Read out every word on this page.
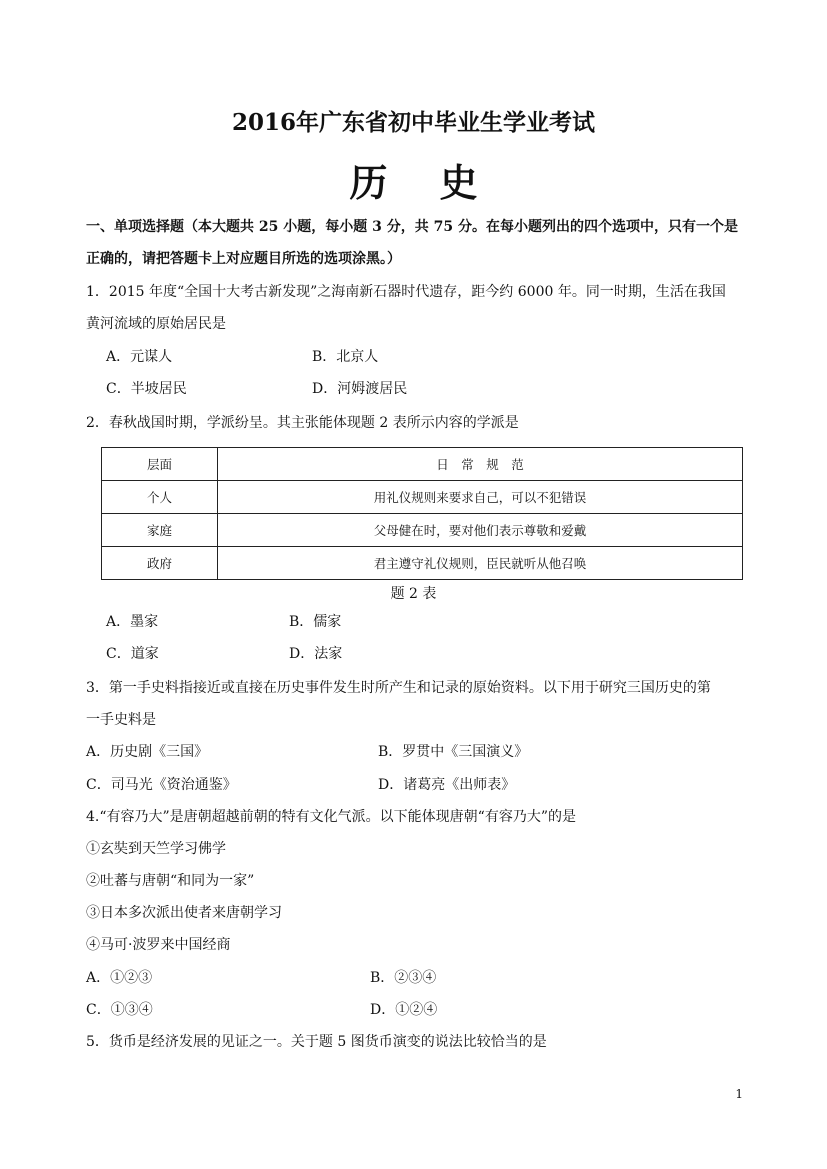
2016年广东省初中毕业生学业考试
历史
一、单项选择题（本大题共 25 小题，每小题 3 分，共 75 分。在每小题列出的四个选项中，只有一个是
正确的，请把答题卡上对应题目所选的选项涂黑。）
1．2015 年度“全国十大考古新发现”之海南新石器时代遗存，距今约 6000 年。同一时期，生活在我国
黄河流域的原始居民是
A．元谋人	B．北京人
C．半坡居民	D．河姆渡居民
2．春秋战国时期，学派纷呈。其主张能体现题 2 表所示内容的学派是
层面	日　常　规　范
个人	用礼仪规则来要求自己，可以不犯错误
家庭	父母健在时，要对他们表示尊敬和爱戴
政府	君主遵守礼仪规则，臣民就听从他召唤
题 2 表
A．墨家	B．儒家
C．道家	D．法家
3．第一手史料指接近或直接在历史事件发生时所产生和记录的原始资料。以下用于研究三国历史的第
一手史料是
A．历史剧《三国》	B．罗贯中《三国演义》
C．司马光《资治通鉴》	D．诸葛亮《出师表》
4.“有容乃大”是唐朝超越前朝的特有文化气派。以下能体现唐朝“有容乃大”的是
①玄奘到天竺学习佛学
②吐蕃与唐朝“和同为一家”
③日本多次派出使者来唐朝学习
④马可·波罗来中国经商
A．①②③	B．②③④
C．①③④	D．①②④
5．货币是经济发展的见证之一。关于题 5 图货币演变的说法比较恰当的是
1
